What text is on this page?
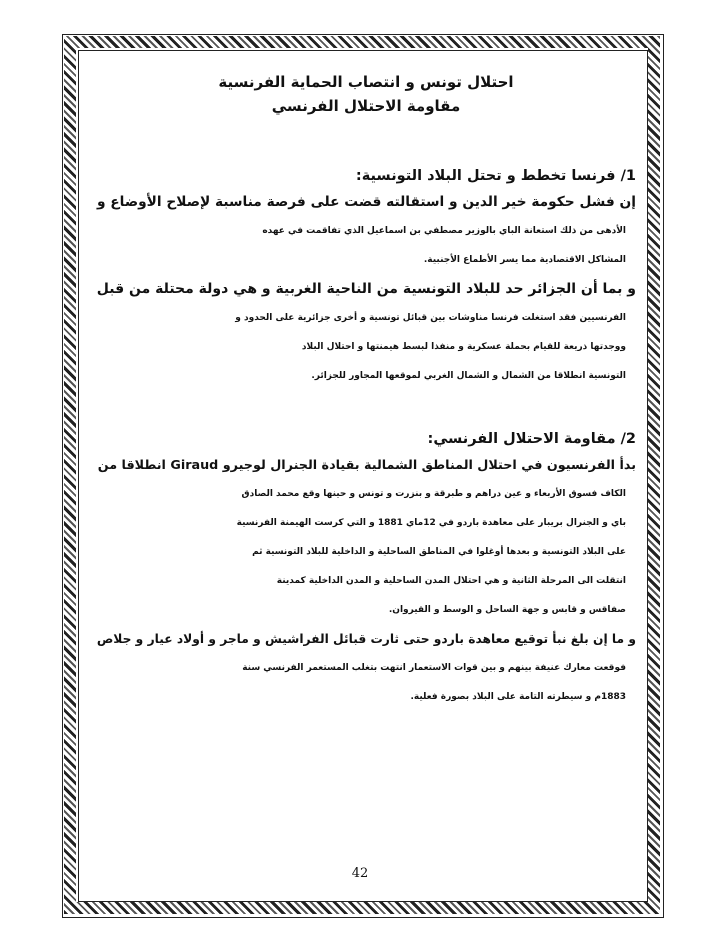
احتلال تونس و انتصاب الحماية الفرنسية
مقاومة الاحتلال الفرنسي
1/ فرنسا تخطط و تحتل البلاد التونسية:
إن فشل حكومة خير الدين و استقالته قضت على فرصة مناسبة لإصلاح الأوضاع و
الأدهى من ذلك استعانة الباي بالوزير مصطفي بن اسماعيل الذي تفاقمت في عهده
المشاكل الاقتصادية مما يسر الأطماع الأجنبية.
و بما أن الجزائر حد للبلاد التونسية من الناحية الغربية و هي دولة محتلة من قبل
الفرنسيين فقد استغلت فرنسا مناوشات بين قبائل تونسية و أخرى جزائرية على الحدود و
ووجدتها ذريعة للقيام بحملة عسكرية و منفذا لبسط هيمنتها و احتلال البلاد
التونسية انطلاقا من الشمال و الشمال الغربي لموقعها المجاور للجزائر.
2/ مقاومة الاحتلال الفرنسي:
بدأ الفرنسيون في احتلال المناطق الشمالية بقيادة الجنرال لوجيرو Giraud انطلاقا من
الكاف فسوق الأربعاء و عين دراهم و طبرقة و بنزرت و تونس و حينها وقع محمد الصادق
باي و الجنرال بريبار على معاهدة باردو في 12ماي 1881 و التي كرست الهيمنة الفرنسية
على البلاد التونسية و بعدها أوغلوا في المناطق الساحلية و الداخلية للبلاد التونسية ثم
انتقلت الى المرحلة الثانية و هي احتلال المدن الساحلية و المدن الداخلية كمدينة
صفاقس و قابس و جهة الساحل و الوسط و القيروان.
و ما إن بلغ نبأ توقيع معاهدة باردو حتى ثارت قبائل الفراشيش و ماجر و أولاد عيار و جلاص
فوقعت معارك عنيفة بينهم و بين قوات الاستعمار انتهت بتغلب المستعمر الفرنسي سنة
1883م و سيطرته التامة على البلاد بصورة فعلية.
42
